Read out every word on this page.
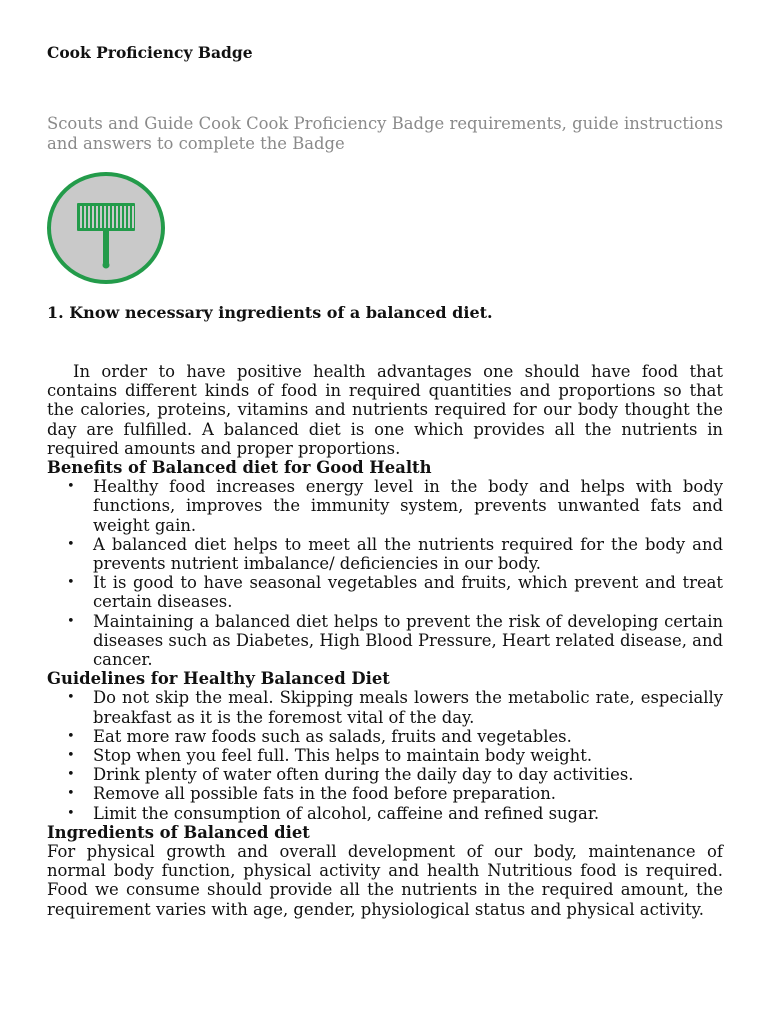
Cook Proficiency Badge

Scouts and Guide Cook Cook Proficiency Badge requirements, guide instructions and answers to complete the Badge

1. Know necessary ingredients of a balanced diet.

In order to have positive health advantages one should have food that contains different kinds of food in required quantities and proportions so that the calories, proteins, vitamins and nutrients required for our body thought the day are fulfilled. A balanced diet is one which provides all the nutrients in required amounts and proper proportions.

Benefits of Balanced diet for Good Health
• Healthy food increases energy level in the body and helps with body functions, improves the immunity system, prevents unwanted fats and weight gain.
• A balanced diet helps to meet all the nutrients required for the body and prevents nutrient imbalance/ deficiencies in our body.
• It is good to have seasonal vegetables and fruits, which prevent and treat certain diseases.
• Maintaining a balanced diet helps to prevent the risk of developing certain diseases such as Diabetes, High Blood Pressure, Heart related disease, and cancer.
Guidelines for Healthy Balanced Diet
• Do not skip the meal. Skipping meals lowers the metabolic rate, especially breakfast as it is the foremost vital of the day.
• Eat more raw foods such as salads, fruits and vegetables.
• Stop when you feel full. This helps to maintain body weight.
• Drink plenty of water often during the daily day to day activities.
• Remove all possible fats in the food before preparation.
• Limit the consumption of alcohol, caffeine and refined sugar.
Ingredients of Balanced diet

For physical growth and overall development of our body, maintenance of normal body function, physical activity and health Nutritious food is required. Food we consume should provide all the nutrients in the required amount, the requirement varies with age, gender, physiological status and physical activity.
